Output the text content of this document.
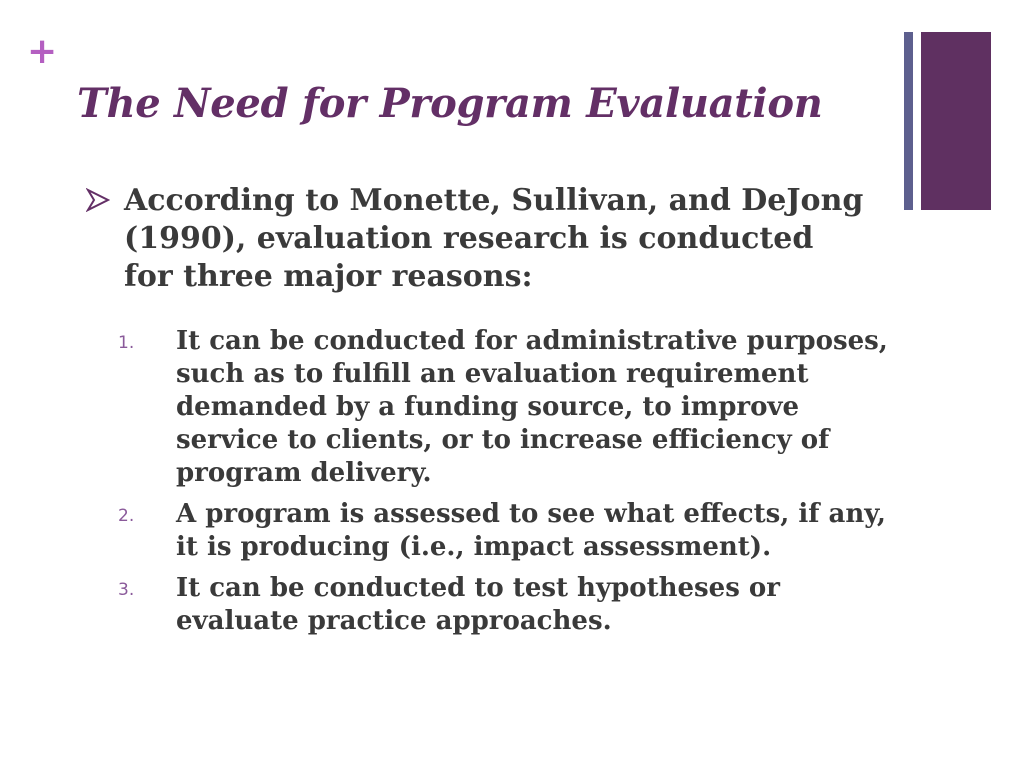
+
The Need for Program Evaluation
According to Monette, Sullivan, and DeJong (1990), evaluation research is conducted for three major reasons:
1.	It can be conducted for administrative purposes, such as to fulfill an evaluation requirement demanded by a funding source, to improve service to clients, or to increase efficiency of program delivery.
2.	A program is assessed to see what effects, if any, it is producing (i.e., impact assessment).
3.	It can be conducted to test hypotheses or evaluate practice approaches.
